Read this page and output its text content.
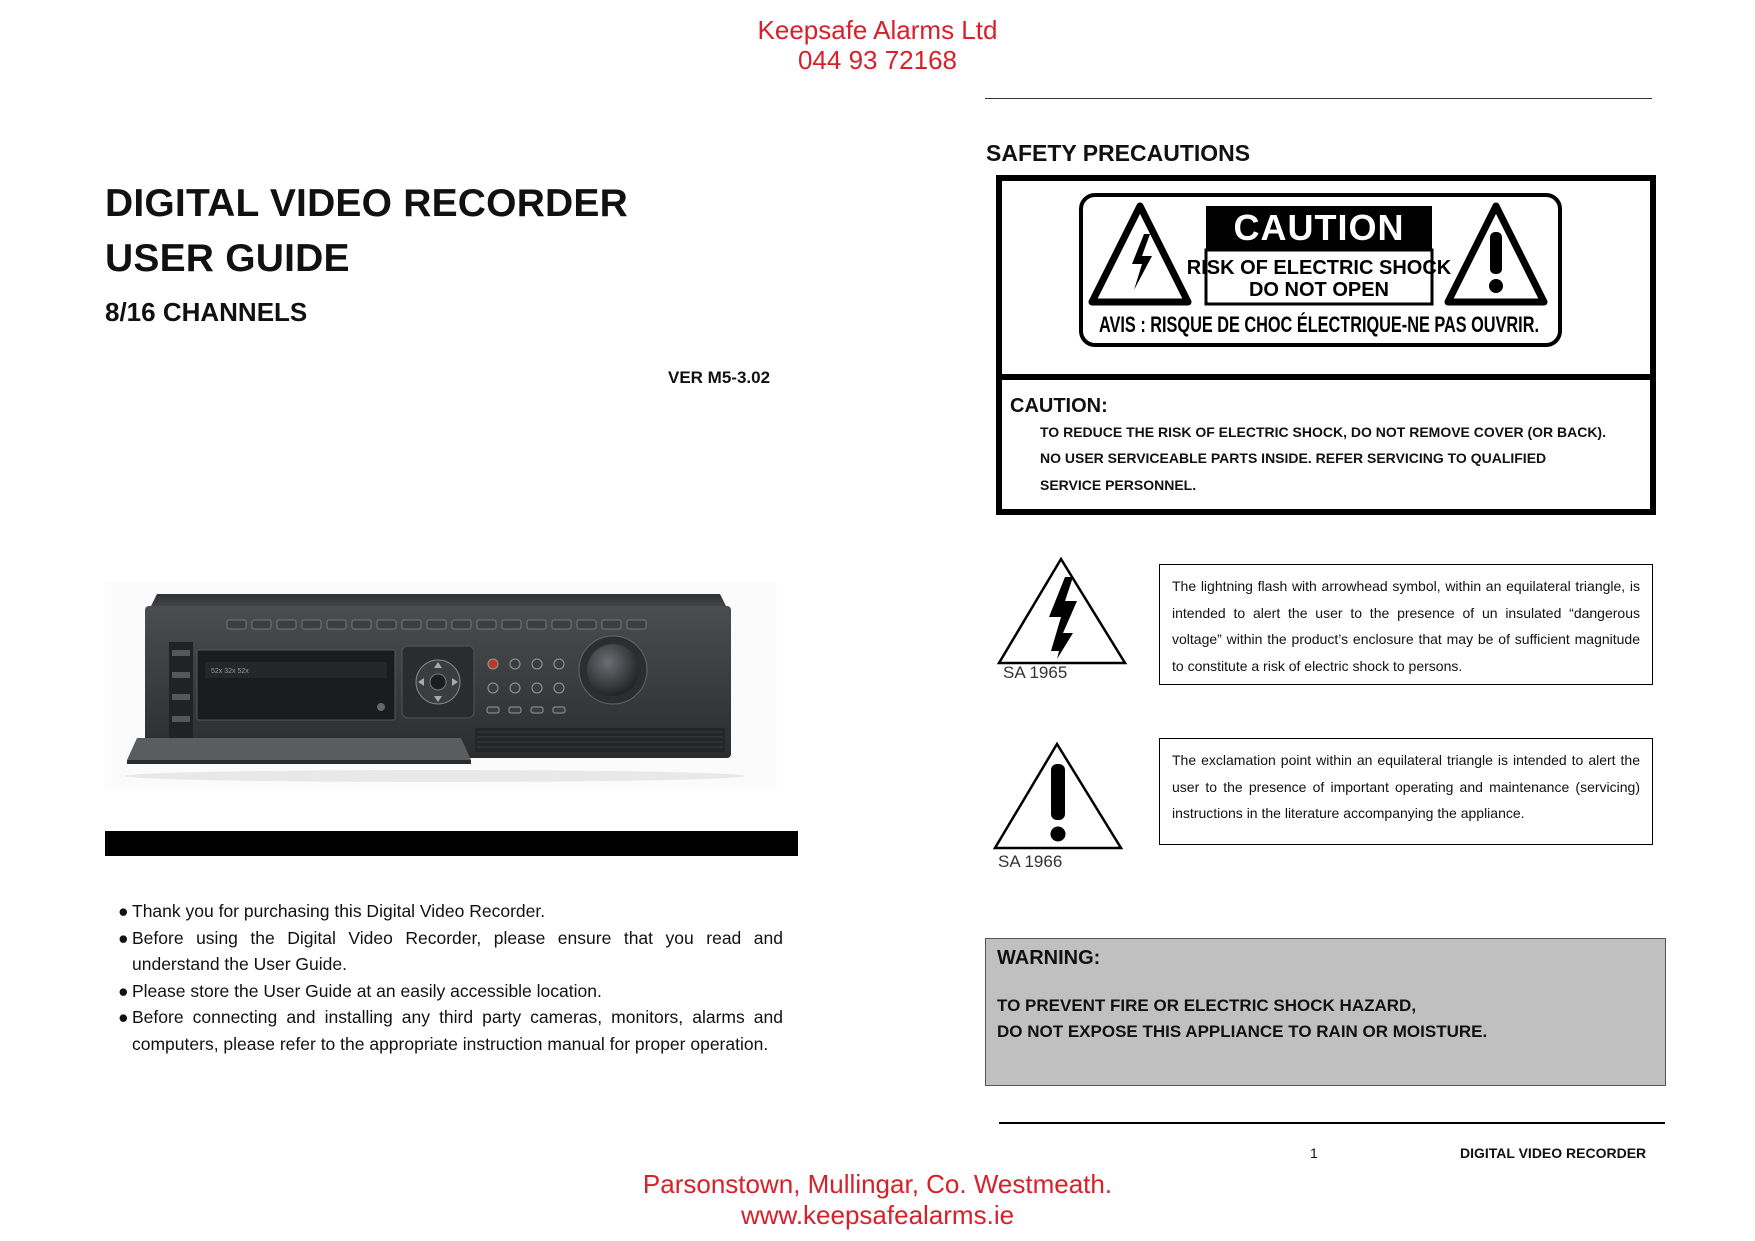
Keepsafe Alarms Ltd
044 93 72168
DIGITAL VIDEO RECORDER
USER GUIDE
8/16 CHANNELS
VER M5-3.02
52x 32x 52x
● Thank you for purchasing this Digital Video Recorder.
● Before using the Digital Video Recorder, please ensure that you read and understand the User Guide.
● Please store the User Guide at an easily accessible location.
● Before connecting and installing any third party cameras, monitors, alarms and computers, please refer to the appropriate instruction manual for proper operation.
SAFETY PRECAUTIONS
CAUTION
RISK OF ELECTRIC SHOCK
DO NOT OPEN
AVIS : RISQUE DE CHOC ÉLECTRIQUE-NE PAS OUVRIR.
CAUTION:
TO REDUCE THE RISK OF ELECTRIC SHOCK, DO NOT REMOVE COVER (OR BACK).
NO USER SERVICEABLE PARTS INSIDE. REFER SERVICING TO QUALIFIED
SERVICE PERSONNEL.
SA 1965
The lightning flash with arrowhead symbol, within an equilateral triangle, is intended to alert the user to the presence of un insulated “dangerous voltage” within the product’s enclosure that may be of sufficient magnitude to constitute a risk of electric shock to persons.
SA 1966
The exclamation point within an equilateral triangle is intended to alert the user to the presence of important operating and maintenance (servicing) instructions in the literature accompanying the appliance.
WARNING:
TO PREVENT FIRE OR ELECTRIC SHOCK HAZARD,
DO NOT EXPOSE THIS APPLIANCE TO RAIN OR MOISTURE.
1	DIGITAL VIDEO RECORDER
Parsonstown, Mullingar, Co. Westmeath.
www.keepsafealarms.ie
